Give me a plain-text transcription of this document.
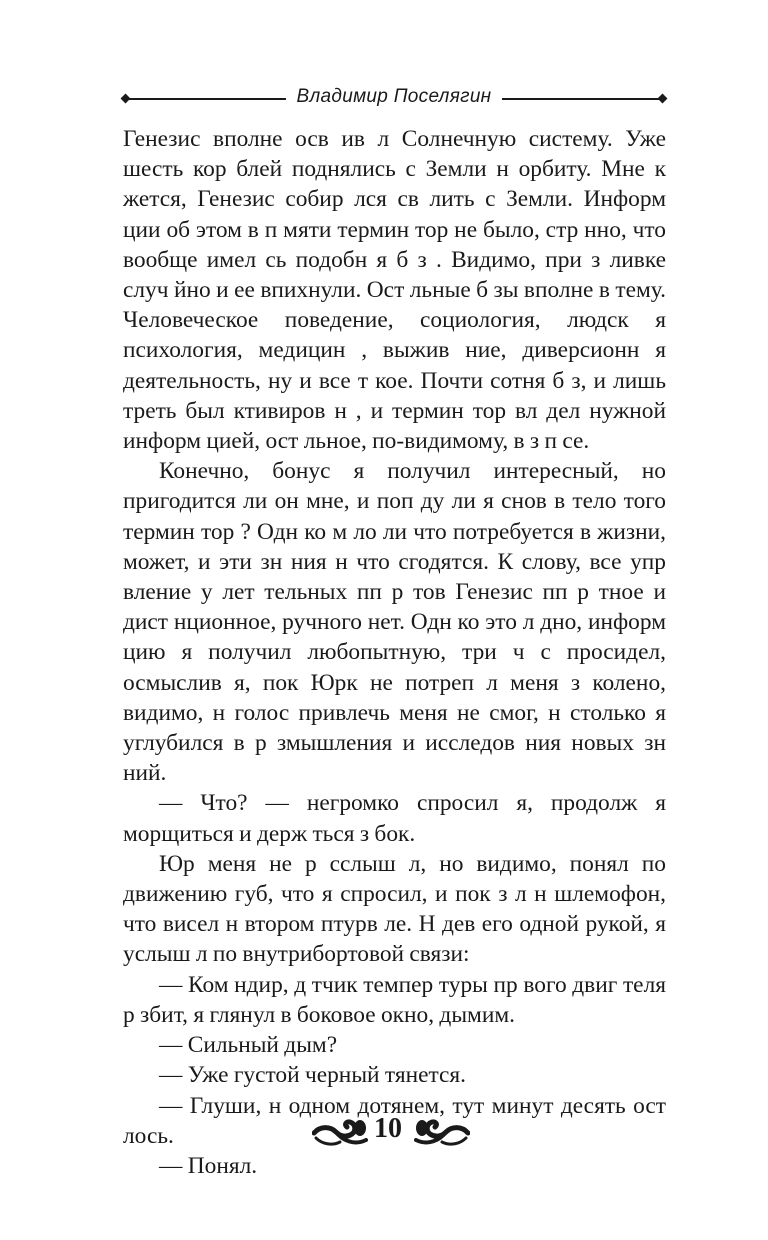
Владимир Поселягин

Генезис вполне осв ив л Солнечную систему. Уже шесть кор блей поднялись с Земли н орбиту. Мне к жется, Генезис собир лся св лить с Земли. Информ ции об этом в п мяти термин тор не было, стр нно, что вообще имел сь подобн я б з . Видимо, при з ливке случ йно и ее впихнули. Ост льные б зы вполне в тему. Человеческое поведение, социология, людск я психология, медицин , выжив ние, диверсионн я деятельность, ну и все т кое. Почти сотня б з, и лишь треть был ктивиров н , и термин тор вл дел нужной информ цией, ост льное, по-видимому, в з п се.

Конечно, бонус я получил интересный, но пригодится ли он мне, и поп ду ли я снов в тело того термин тор ? Одн ко м ло ли что потребуется в жизни, может, и эти зн ния н что сгодятся. К слову, все упр вление у лет тельных пп р тов Генезис пп р тное и дист нционное, ручного нет. Одн ко это л дно, информ цию я получил любопытную, три ч с просидел, осмыслив я, пок Юрк не потреп л меня з колено, видимо, н голос привлечь меня не смог, н столько я углубился в р змышления и исследов ния новых зн ний.

— Что? — негромко спросил я, продолж я морщиться и держ ться з бок.

Юр меня не р сслыш л, но видимо, понял по движению губ, что я спросил, и пок з л н шлемофон, что висел н втором птурв ле. Н дев его одной рукой, я услыш л по внутрибортовой связи:

— Ком ндир, д тчик темпер туры пр вого двиг теля р збит, я глянул в боковое окно, дымим.

— Сильный дым?

— Уже густой черный тянется.

— Глуши, н одном дотянем, тут минут десять ост лось.

— Понял.

10
